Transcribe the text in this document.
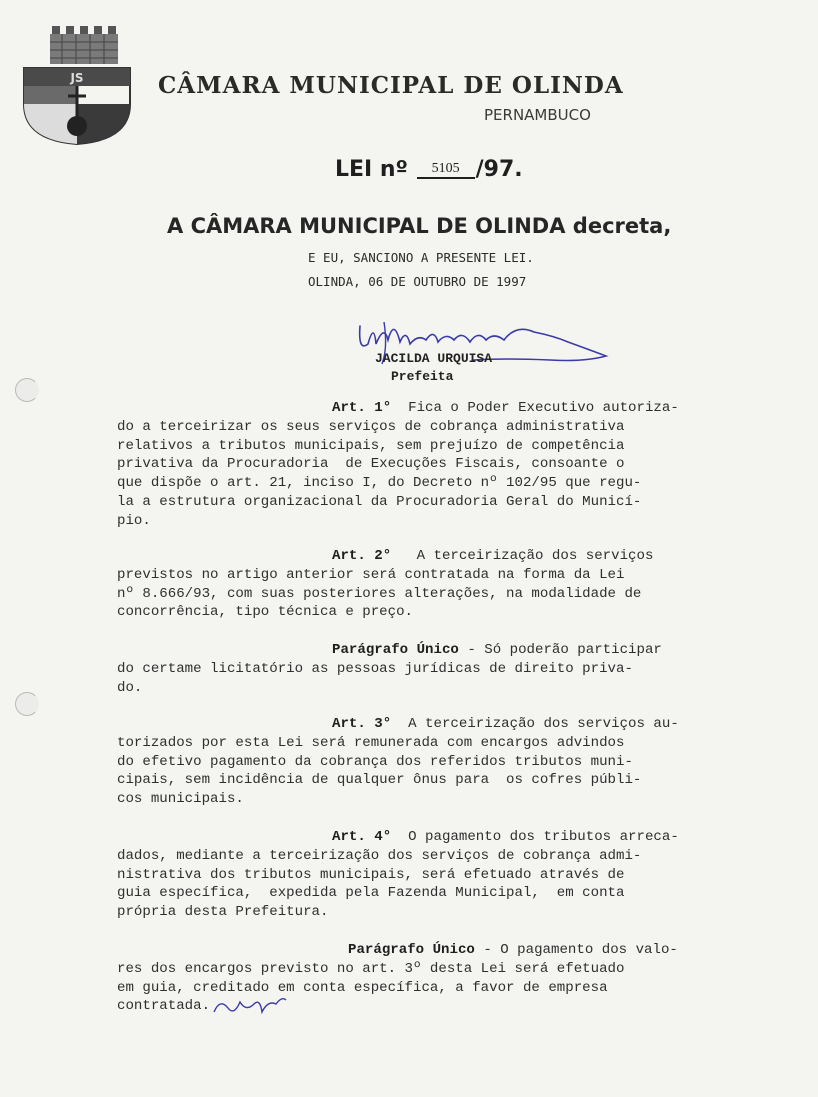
JS	CÂMARA MUNICIPAL DE OLINDA
PERNAMBUCO
LEI nº 5105 /97.
A CÂMARA MUNICIPAL DE OLINDA decreta,
E EU, SANCIONO A PRESENTE LEI.
OLINDA, 06 DE OUTUBRO DE 1997
JACILDA URQUISA
Prefeita
Art. 1°  Fica o Poder Executivo autoriza-
do a terceirizar os seus serviços de cobrança administrativa
relativos a tributos municipais, sem prejuízo de competência
privativa da Procuradoria  de Execuções Fiscais, consoante o
que dispõe o art. 21, inciso I, do Decreto nº 102/95 que regu-
la a estrutura organizacional da Procuradoria Geral do Municí-
pio.
Art. 2°   A terceirização dos serviços
previstos no artigo anterior será contratada na forma da Lei
nº 8.666/93, com suas posteriores alterações, na modalidade de
concorrência, tipo técnica e preço.
Parágrafo Único - Só poderão participar
do certame licitatório as pessoas jurídicas de direito priva-
do.
Art. 3°  A terceirização dos serviços au-
torizados por esta Lei será remunerada com encargos advindos
do efetivo pagamento da cobrança dos referidos tributos muni-
cipais, sem incidência de qualquer ônus para  os cofres públi-
cos municipais.
Art. 4°  O pagamento dos tributos arreca-
dados, mediante a terceirização dos serviços de cobrança admi-
nistrativa dos tributos municipais, será efetuado através de
guia específica,  expedida pela Fazenda Municipal,  em conta
própria desta Prefeitura.
Parágrafo Único - O pagamento dos valo-
res dos encargos previsto no art. 3º desta Lei será efetuado
em guia, creditado em conta específica, a favor de empresa
contratada.
